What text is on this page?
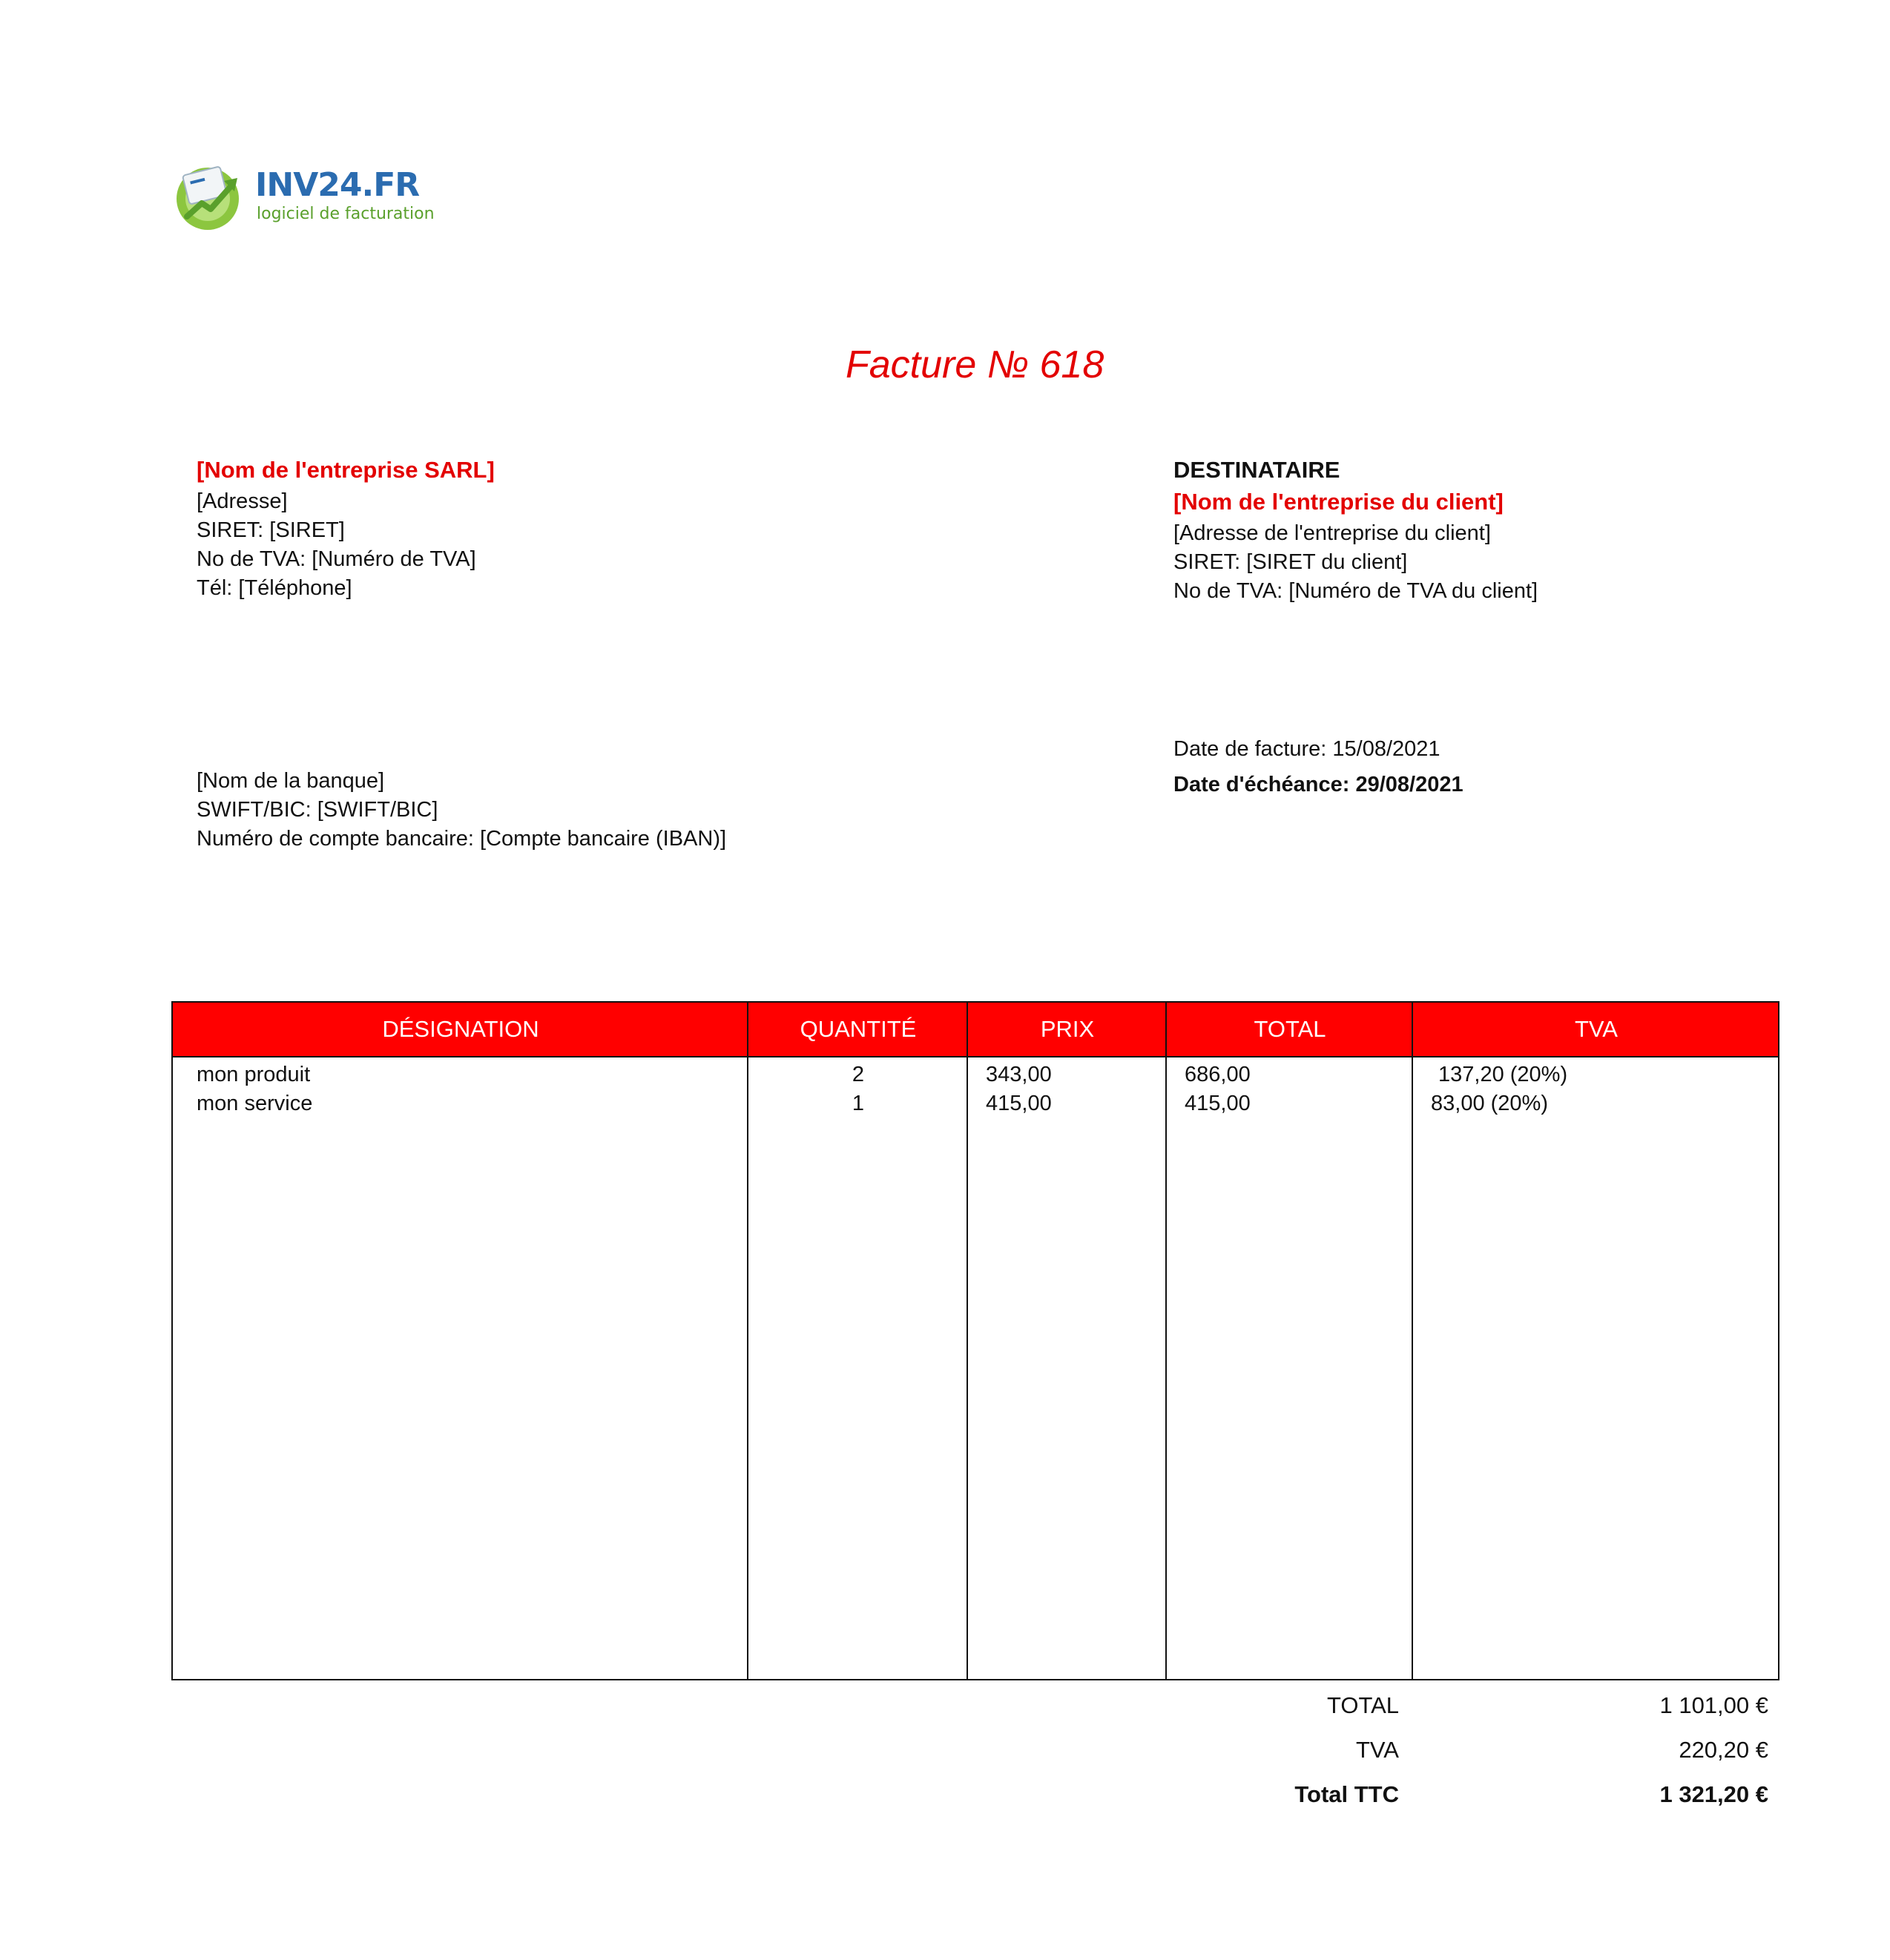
INV24.FR
logiciel de facturation
Facture № 618
[Nom de l'entreprise SARL]
[Adresse]
SIRET: [SIRET]
No de TVA: [Numéro de TVA]
Tél: [Téléphone]
DESTINATAIRE
[Nom de l'entreprise du client]
[Adresse de l'entreprise du client]
SIRET: [SIRET du client]
No de TVA: [Numéro de TVA du client]
[Nom de la banque]
SWIFT/BIC: [SWIFT/BIC]
Numéro de compte bancaire: [Compte bancaire (IBAN)]
Date de facture: 15/08/2021
Date d'échéance: 29/08/2021
DÉSIGNATION	QUANTITÉ	PRIX	TOTAL	TVA
mon produit	2	343,00	686,00	137,20 (20%)
mon service	1	415,00	415,00	83,00 (20%)
TOTAL	1 101,00 €
TVA	220,20 €
Total TTC	1 321,20 €
